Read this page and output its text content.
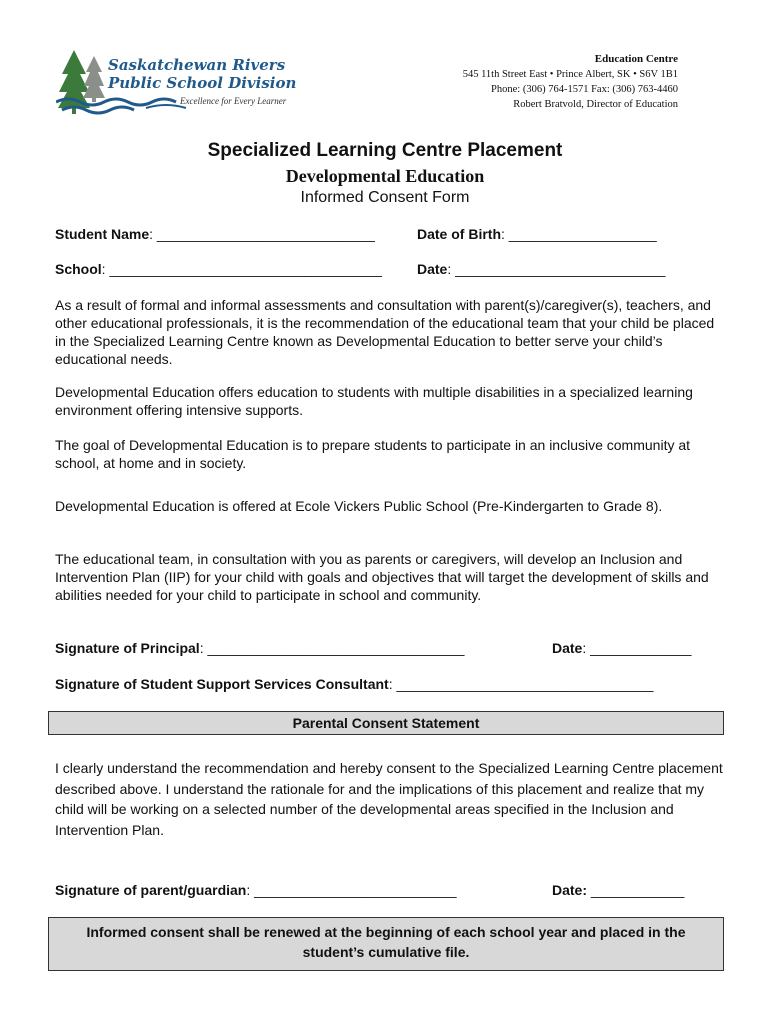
Saskatchewan Rivers
Public School Division
Excellence for Every Learner
Education Centre
545 11th Street East • Prince Albert, SK • S6V 1B1
Phone: (306) 764-1571 Fax: (306) 763-4460
Robert Bratvold, Director of Education
Specialized Learning Centre Placement
Developmental Education
Informed Consent Form
Student Name: ____________________________	Date of Birth: ___________________
School: ___________________________________	Date: ___________________________
As a result of formal and informal assessments and consultation with parent(s)/caregiver(s), teachers, and other educational professionals, it is the recommendation of the educational team that your child be placed in the Specialized Learning Centre known as Developmental Education to better serve your child’s educational needs.
Developmental Education offers education to students with multiple disabilities in a specialized learning environment offering intensive supports.
The goal of Developmental Education is to prepare students to participate in an inclusive community at school, at home and in society.
Developmental Education is offered at Ecole Vickers Public School (Pre-Kindergarten to Grade 8).
The educational team, in consultation with you as parents or caregivers, will develop an Inclusion and Intervention Plan (IIP) for your child with goals and objectives that will target the development of skills and abilities needed for your child to participate in school and community.
Signature of Principal: _________________________________	Date: _____________
Signature of Student Support Services Consultant: _________________________________
Parental Consent Statement
I clearly understand the recommendation and hereby consent to the Specialized Learning Centre placement described above. I understand the rationale for and the implications of this placement and realize that my child will be working on a selected number of the developmental areas specified in the Inclusion and Intervention Plan.
Signature of parent/guardian: __________________________	Date: ____________
Informed consent shall be renewed at the beginning of each school year and placed in the
student’s cumulative file.
